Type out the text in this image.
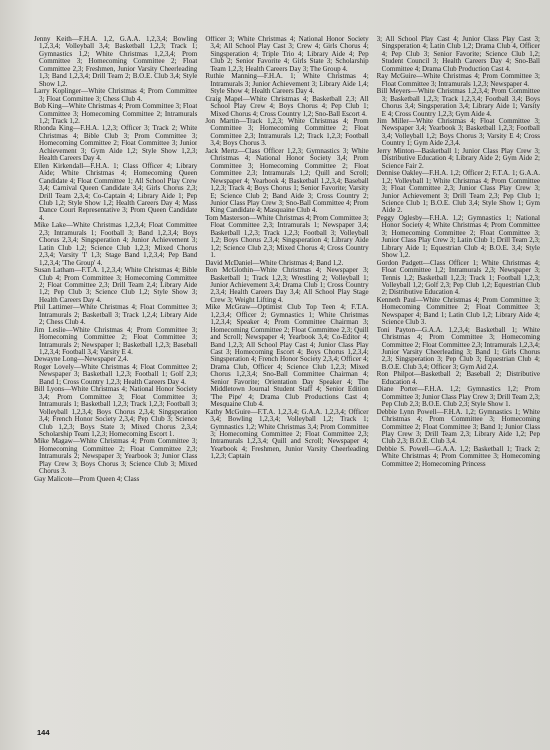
Jenny Keith—F.H.A. 1,2, G.A.A. 1,2,3,4; Bowling 1,2,3,4; Volleyball 3,4; Basketball 1,2,3; Track 1; Gymnastics 1,2; White Christmas 1,2,3,4; Prom Committee 3; Homecoming Committee 2; Float Committee 2,3; Freshmen, Junior Varsity Cheerleading 1,3; Band 1,2,3,4; Drill Team 2; B.O.E. Club 3,4; Style Show 1,2.

Larry Koplinger—White Christmas 4; Prom Committee 3; Float Committee 3; Chess Club 4.

Bob King—White Christmas 4; Prom Committee 3; Float Committee 3; Homecoming Committee 2; Intramurals 1,2; Track 1,2.

Rhonda King—F.H.A. 1,2,3; Officer 3; Track 2; White Christmas 4; Bible Club 3; Prom Committee 3; Homecoming Committee 2; Float Committee 3; Junior Achievement 3; Gym Aide 1,2; Style Show 1,2,3; Health Careers Day 4.

Ellen Kirkendall—F.H.A. 1; Class Officer 4; Library Aide; White Christmas 4; Homecoming Queen Candidate 4; Float Committee 1; All School Play Crew 3,4; Carnival Queen Candidate 3,4; Girls Chorus 2,3; Drill Team 2,3,4; Co-Captain 4; Library Aide 1; Pep Club 1,2; Style Show 1,2; Health Careers Day 4; Mass Dance Court Representative 3; Prom Queen Candidate 4.

Mike Lake—White Christmas 1,2,3,4; Float Committee 2,3; Intramurals 1; Football 3; Band 1,2,3,4; Boys Chorus 2,3,4; Singsperation 4; Junior Achievement 3; Latin Club 1,2; Science Club 1,2,3; Mixed Chorus 2,3,4; Varsity 'I' 1,3; Stage Band 1,2,3,4; Pep Band 1,2,3,4; 'The Group' 4.

Susan Latham—F.T.A. 1,2,3,4; White Christmas 4; Bible Club 4; Prom Committee 3; Homecoming Committee 2; Float Committee 2,3; Drill Team 2,4; Library Aide 1,2; Pep Club 3; Science Club 1,2; Style Show 3; Health Careers Day 4.

Phil Lattimer—White Christmas 4; Float Committee 3; Intramurals 2; Basketball 3; Track 1,2,4; Library Aide 2; Chess Club 4.

Jim Leslie—White Christmas 4; Prom Committee 3; Homecoming Committee 2; Float Committee 3; Intramurals 2; Newspaper 1; Basketball 1,2,3; Baseball 1,2,3,4; Football 3,4; Varsity E 4.

Dewayne Long—Newspaper 2,4.

Roger Lovely—White Christmas 4; Float Committee 2; Newspaper 3; Basketball 1,2,3; Football 1; Golf 2,3; Band 1; Cross Country 1,2,3; Health Careers Day 4.

Bill Lyons—White Christmas 4; National Honor Society 3,4; Prom Committee 3; Float Committee 3; Intramurals 1; Basketball 1,2,3; Track 1,2,3; Football 3; Volleyball 1,2,3,4; Boys Chorus 2,3,4; Singsperation 3,4; French Honor Society 2,3,4; Pep Club 3; Science Club 1,2,3; Boys State 3; Mixed Chorus 2,3,4; Scholarship Team 1,2,3; Homecoming Escort 1.

Mike Magaw—White Christmas 4; Prom Committee 3; Homecoming Committee 2; Float Committee 2,3; Intramurals 2; Newspaper 3; Yearbook 3; Junior Class Play Crew 3; Boys Chorus 3; Science Club 3; Mixed Chorus 3.

Gay Malicote—Prom Queen 4; Class

Officer 3; White Christmas 4; National Honor Society 3,4; All School Play Cast 3; Crew 4; Girls Chorus 4; Singsperation 4; Triple Trio 4; Library Aide 4; Pep Club 2; Senior Favorite 4; Girls State 3; Scholarship Team 1,2,3; Health Careers Day 3; The Group 4.

Ruthie Manning—F.H.A. 1; White Christmas 4; Intramurals 3; Junior Achievement 3; Library Aide 1,4; Style Show 4; Health Careers Day 4.

Craig Mapel—White Christmas 4; Basketball 2,3; All School Play Crew 4; Boys Chorus 4; Pep Club 1; Mixed Chorus 4; Cross Country 1,2; Sno-Ball Escort 4.

Jon Martin—Track 1,2,3; White Christmas 4; Prom Committee 3; Homecoming Committee 2; Float Committee 2,3; Intramurals 1,2; Track 1,2,3; Football 3,4; Boys Chorus 3.

Jack Mertz—Class Officer 1,2,3; Gymnastics 3; White Christmas 4; National Honor Society 3,4; Prom Committee 3; Homecoming Committee 2; Float Committee 2,3; Intramurals 1,2; Quill and Scroll; Newspaper 4; Yearbook 4; Basketball 1,2,3,4; Baseball 1,2,3; Track 4; Boys Chorus 1; Senior Favorite; Varsity E; Science Club 2; Band Aide 3; Cross Country 2; Junior Class Play Crew 3; Sno-Ball Committee 4; Prom King Candidate 4; Masquaine Club 4.

Tom Masterson—White Christmas 4; Prom Committee 3; Float Committee 2,3; Intramurals 1; Newspaper 3,4; Basketball 1,2,3; Track 1,2,3; Football 3; Volleyball 1,2; Boys Chorus 2,3,4; Singsperation 4; Library Aide 1,2; Science Club 2,3; Mixed Chorus 4; Cross Country 1.

David McDaniel—White Christmas 4; Band 1,2.

Ron McGlothin—White Christmas 4; Newspaper 3; Basketball 1; Track 1,2,3; Wrestling 2; Volleyball 1; Junior Achievement 3,4; Drama Club 1; Cross Country 2,3,4; Health Careers Day 3,4; All School Play Stage Crew 3; Weight Lifting 4.

Mike McGraw—Optimist Club Top Teen 4; F.T.A. 1,2,3,4; Officer 2; Gymnastics 1; White Christmas 1,2,3,4; Speaker 4; Prom Committee Chairman 3; Homecoming Committee 2; Float Committee 2,3; Quill and Scroll; Newspaper 4; Yearbook 3,4; Co-Editor 4; Band 1,2,3; All School Play Cast 4; Junior Class Play Cast 3; Homecoming Escort 4; Boys Chorus 1,2,3,4; Singsperation 4; French Honor Society 2,3,4; Officer 4; Drama Club, Officer 4; Science Club 1,2,3; Mixed Chorus 1,2,3,4; Sno-Ball Committee Chairman 4; Senior Favorite; Orientation Day Speaker 4; The Middletown Journal Student Staff 4; Senior Edition 'The Pipe' 4; Drama Club Productions Cast 4; Mesquaine Club 4.

Kathy McGuire—F.T.A. 1,2,3,4; G.A.A. 1,2,3,4; Officer 3,4; Bowling 1,2,3,4; Volleyball 1,2; Track 1; Gymnastics 1,2; White Christmas 3,4; Prom Committee 3; Homecoming Committee 2; Float Committee 2,3; Intramurals 1,2,3,4; Quill and Scroll; Newspaper 4; Yearbook 4; Freshmen, Junior Varsity Cheerleading 1,2,3; Captain

3; All School Play Cast 4; Junior Class Play Cast 3; Singsperation 4; Latin Club 1,2; Drama Club 4, Officer 4; Pep Club 3; Senior Favorite; Science Club 1,2; Student Council 3; Health Careers Day 4; Sno-Ball Committee 4; Drama Club Production Cast 4.

Ray McGuire—White Christmas 4; Prom Committee 3; Float Committee 3; Intramurals 1,2,3; Newspaper 4.

Bill Meyers—White Christmas 1,2,3,4; Prom Committee 3; Basketball 1,2,3; Track 1,2,3,4; Football 3,4; Boys Chorus 3,4; Singsperation 3,4; Library Aide 1; Varsity E 4; Cross Country 1,2,3; Gym Aide 4.

Jim Miller—White Christmas 4; Float Committee 3; Newspaper 3,4; Yearbook 3; Basketball 1,2,3; Football 3,4; Volleyball 1,2; Boys Chorus 3; Varsity E 4; Cross Country 1; Gym Aide 2,3,4.

Jerry Minton—Basketball 1; Junior Class Play Crew 3; Distributive Education 4; Library Aide 2; Gym Aide 2; Science Fair 2.

Dennise Oakley—F.H.A. 1,2; Officer 2; F.T.A. 1; G.A.A. 1,2; Volleyball 1; White Christmas 4; Prom Committee 3; Float Committee 2,3; Junior Class Play Crew 3; Junior Achievement 3; Drill Team 2,3; Pep Club 1; Science Club 1; B.O.E. Club 3,4; Style Show 1; Gym Aide 2.

Peggy Oglesby—F.H.A. 1,2; Gymnastics 1; National Honor Society 4; White Christmas 4; Prom Committee 3; Homecoming Committee 2; Float Committee 3; Junior Class Play Crew 3; Latin Club 1; Drill Team 2,3; Library Aide 1; Equestrian Club 4; B.O.E. 3,4; Style Show 1,2.

Gordon Padgett—Class Officer 1; White Christmas 4; Float Committee 1,2; Intramurals 2,3; Newspaper 3; Tennis 1,2; Basketball 1,2,3; Track 1; Football 1,2,3; Volleyball 1,2; Golf 2,3; Pep Club 1,2; Equestrian Club 2; Distributive Education 4.

Kenneth Paul—White Christmas 4; Prom Committee 3; Homecoming Committee 2; Float Committee 3; Newspaper 4; Band 1; Latin Club 1,2; Library Aide 4; Science Club 3.

Toni Payton—G.A.A. 1,2,3,4; Basketball 1; White Christmas 4; Prom Committee 3; Homecoming Committee 2; Float Committee 2,3; Intramurals 1,2,3,4; Junior Varsity Cheerleading 3; Band 1; Girls Chorus 2,3; Singsperation 3; Pep Club 3; Equestrian Club 4; B.O.E. Club 3,4; Officer 3; Gym Aid 2,4.

Ron Philpot—Basketball 2; Baseball 2; Distributive Education 4.

Diane Porter—F.H.A. 1,2; Gymnastics 1,2; Prom Committee 3; Junior Class Play Crew 3; Drill Team 2,3; Pep Club 2,3; B.O.E. Club 2,3; Style Show 1.

Debbie Lynn Powell—F.H.A. 1,2; Gymnastics 1; White Christmas 4; Prom Committee 3; Homecoming Committee 2; Float Committee 3; Band 1; Junior Class Play Crew 3; Drill Team 2,3; Library Aide 1,2; Pep Club 2,3; B.O.E. Club 3,4.

Debbie S. Powell—G.A.A. 1,2; Basketball 1; Track 2; White Christmas 4; Prom Committee 3; Homecoming Committee 2; Homecoming Princess

144
